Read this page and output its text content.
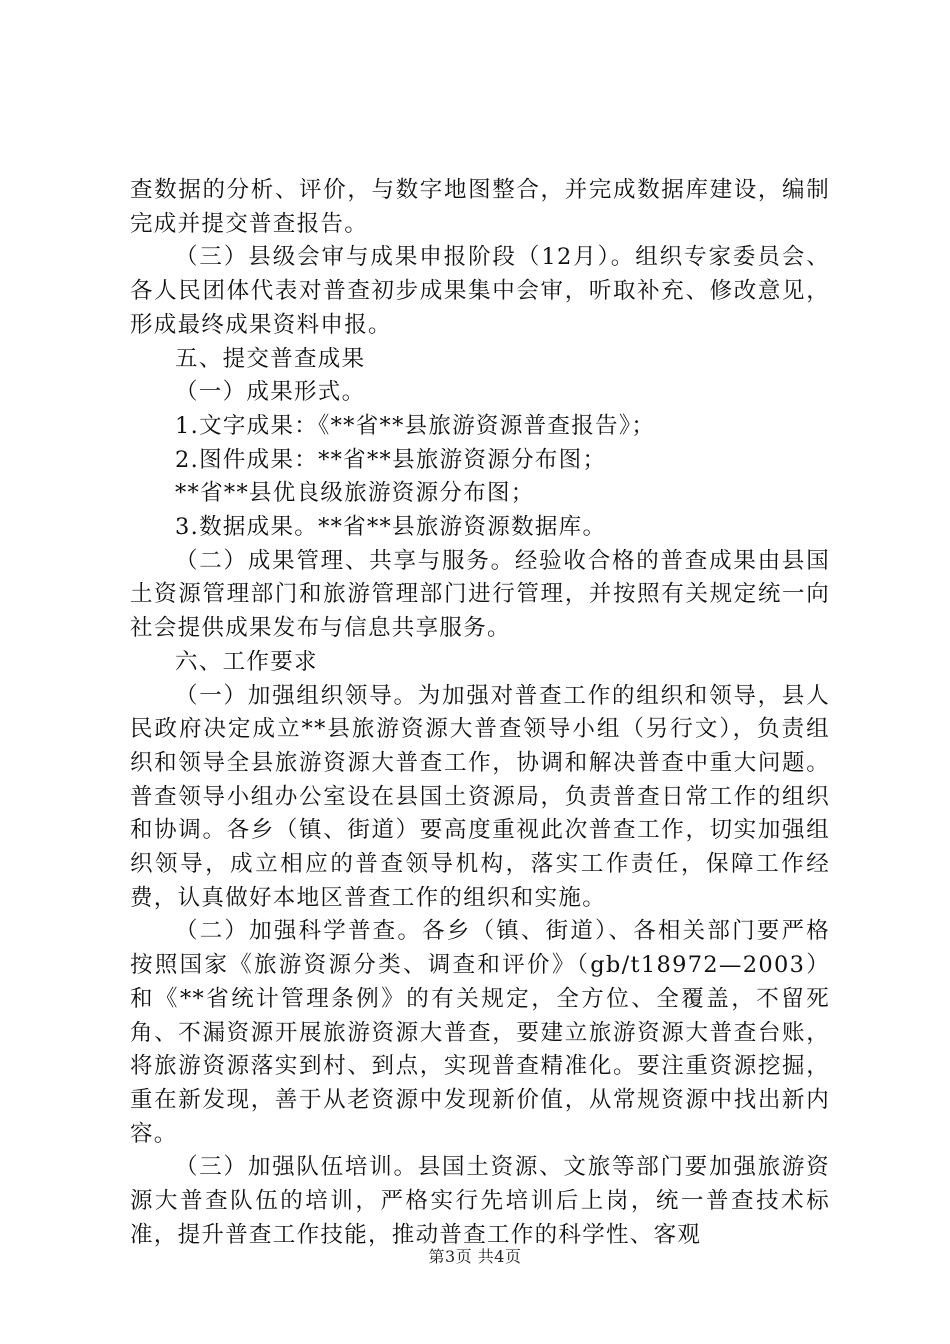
查数据的分析、评价，与数字地图整合，并完成数据库建设，编制完成并提交普查报告。

（三）县级会审与成果申报阶段（12月）。组织专家委员会、各人民团体代表对普查初步成果集中会审，听取补充、修改意见，形成最终成果资料申报。

五、提交普查成果

（一）成果形式。

1.文字成果：《**省**县旅游资源普查报告》；

2.图件成果：**省**县旅游资源分布图；

**省**县优良级旅游资源分布图；

3.数据成果。**省**县旅游资源数据库。

（二）成果管理、共享与服务。经验收合格的普查成果由县国土资源管理部门和旅游管理部门进行管理，并按照有关规定统一向社会提供成果发布与信息共享服务。

六、工作要求

（一）加强组织领导。为加强对普查工作的组织和领导，县人民政府决定成立**县旅游资源大普查领导小组（另行文），负责组织和领导全县旅游资源大普查工作，协调和解决普查中重大问题。普查领导小组办公室设在县国土资源局，负责普查日常工作的组织和协调。各乡（镇、街道）要高度重视此次普查工作，切实加强组织领导，成立相应的普查领导机构，落实工作责任，保障工作经费，认真做好本地区普查工作的组织和实施。

（二）加强科学普查。各乡（镇、街道）、各相关部门要严格按照国家《旅游资源分类、调查和评价》（gb/t18972—2003）和《**省统计管理条例》的有关规定，全方位、全覆盖，不留死角、不漏资源开展旅游资源大普查，要建立旅游资源大普查台账，将旅游资源落实到村、到点，实现普查精准化。要注重资源挖掘，重在新发现，善于从老资源中发现新价值，从常规资源中找出新内容。

（三）加强队伍培训。县国土资源、文旅等部门要加强旅游资源大普查队伍的培训，严格实行先培训后上岗，统一普查技术标准，提升普查工作技能，推动普查工作的科学性、客观

第3页 共4页
